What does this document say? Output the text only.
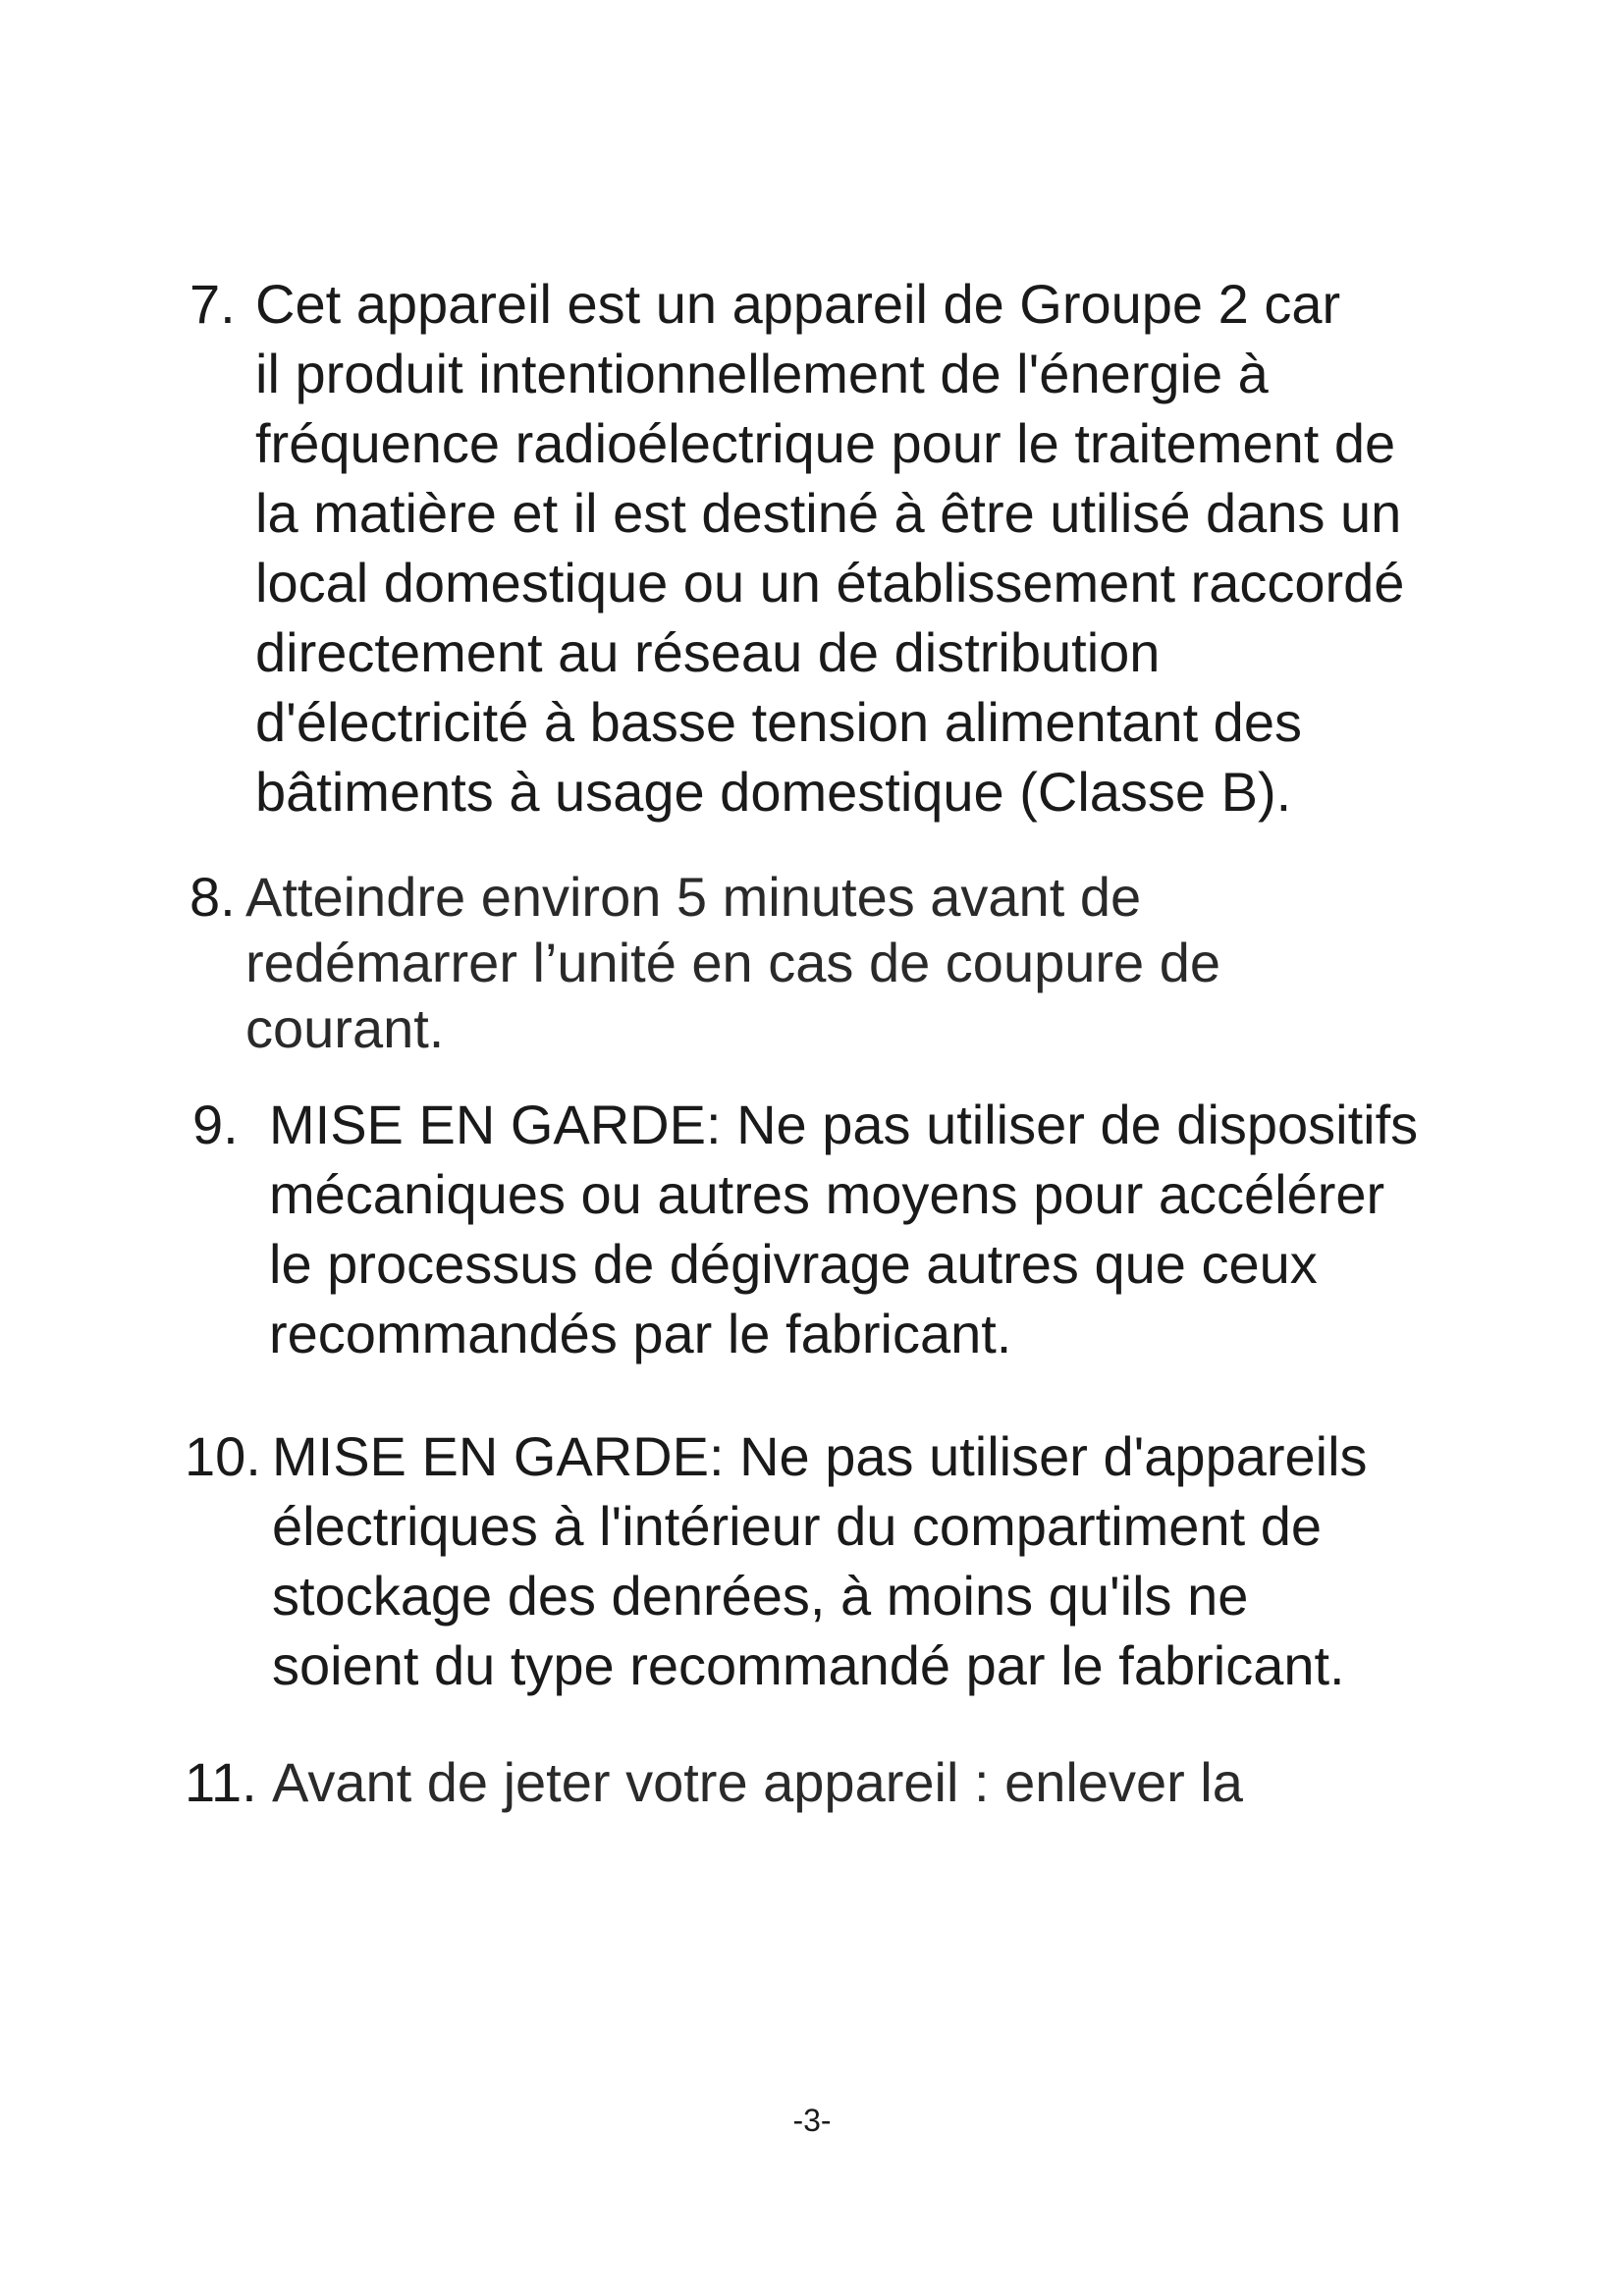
7. Cet appareil est un appareil de Groupe 2 car
il produit intentionnellement de l'énergie à
fréquence radioélectrique pour le traitement de
la matière et il est destiné à être utilisé dans un
local domestique ou un établissement raccordé
directement au réseau de distribution
d'électricité à basse tension alimentant des
bâtiments à usage domestique (Classe B).
8. Atteindre environ 5 minutes avant de
redémarrer l’unité en cas de coupure de
courant.
9. MISE EN GARDE: Ne pas utiliser de dispositifs
mécaniques ou autres moyens pour accélérer
le processus de dégivrage autres que ceux
recommandés par le fabricant.
10. MISE EN GARDE: Ne pas utiliser d'appareils
électriques à l'intérieur du compartiment de
stockage des denrées, à moins qu'ils ne
soient du type recommandé par le fabricant.
11. Avant de jeter votre appareil : enlever la
-3-
